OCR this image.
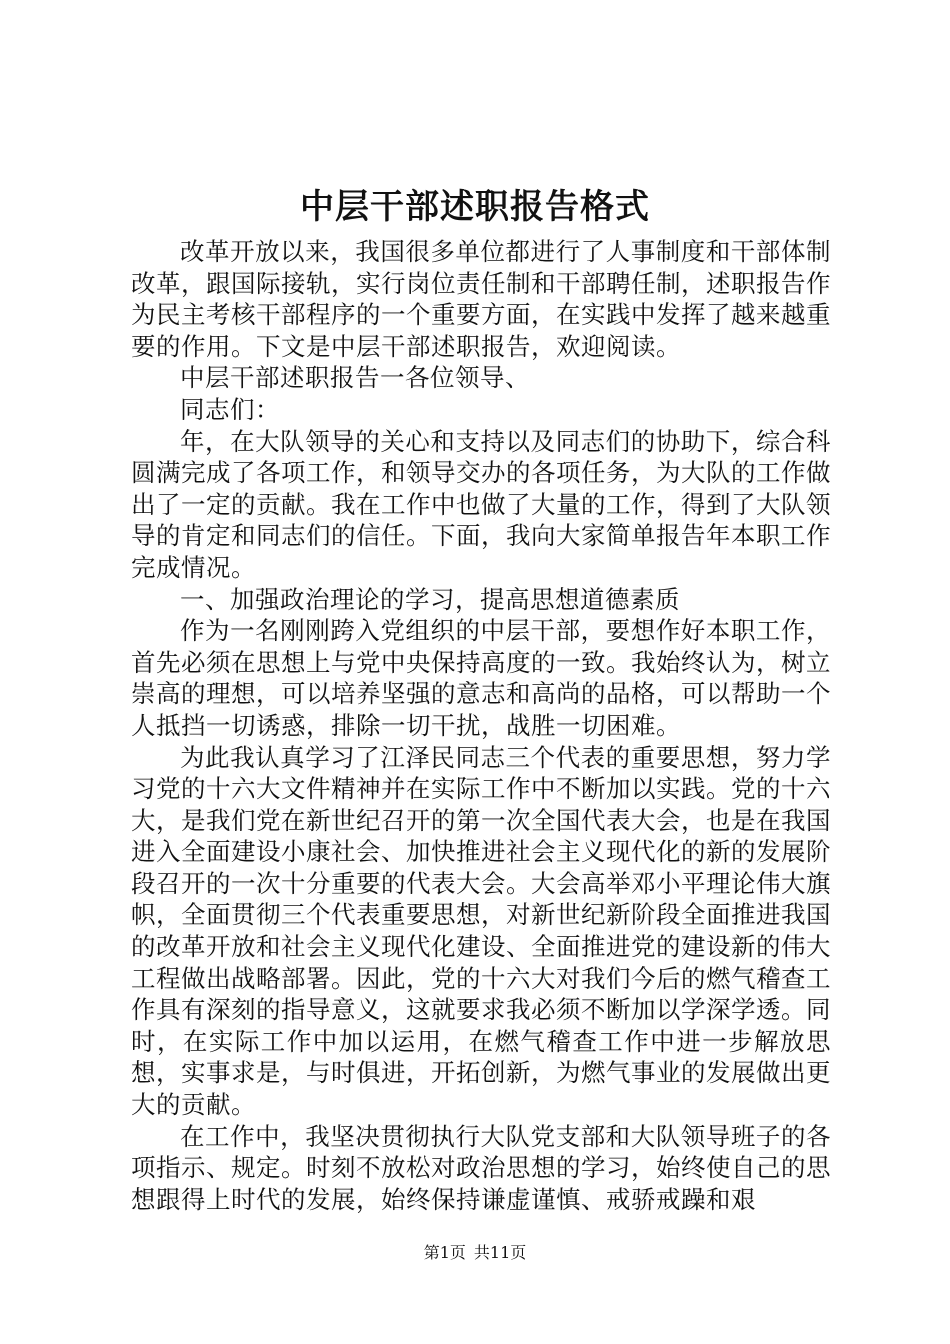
中层干部述职报告格式

改革开放以来，我国很多单位都进行了人事制度和干部体制改革，跟国际接轨，实行岗位责任制和干部聘任制，述职报告作为民主考核干部程序的一个重要方面，在实践中发挥了越来越重要的作用。下文是中层干部述职报告，欢迎阅读。

中层干部述职报告一各位领导、

同志们：

年，在大队领导的关心和支持以及同志们的协助下，综合科圆满完成了各项工作，和领导交办的各项任务，为大队的工作做出了一定的贡献。我在工作中也做了大量的工作，得到了大队领导的肯定和同志们的信任。下面，我向大家简单报告年本职工作完成情况。

一、加强政治理论的学习，提高思想道德素质

作为一名刚刚跨入党组织的中层干部，要想作好本职工作，首先必须在思想上与党中央保持高度的一致。我始终认为，树立崇高的理想，可以培养坚强的意志和高尚的品格，可以帮助一个人抵挡一切诱惑，排除一切干扰，战胜一切困难。

为此我认真学习了江泽民同志三个代表的重要思想，努力学习党的十六大文件精神并在实际工作中不断加以实践。党的十六大，是我们党在新世纪召开的第一次全国代表大会，也是在我国进入全面建设小康社会、加快推进社会主义现代化的新的发展阶段召开的一次十分重要的代表大会。大会高举邓小平理论伟大旗帜，全面贯彻三个代表重要思想，对新世纪新阶段全面推进我国的改革开放和社会主义现代化建设、全面推进党的建设新的伟大工程做出战略部署。因此，党的十六大对我们今后的燃气稽查工作具有深刻的指导意义，这就要求我必须不断加以学深学透。同时，在实际工作中加以运用，在燃气稽查工作中进一步解放思想，实事求是，与时俱进，开拓创新，为燃气事业的发展做出更大的贡献。

在工作中，我坚决贯彻执行大队党支部和大队领导班子的各项指示、规定。时刻不放松对政治思想的学习，始终使自己的思想跟得上时代的发展，始终保持谦虚谨慎、戒骄戒躁和艰

第1页 共11页
